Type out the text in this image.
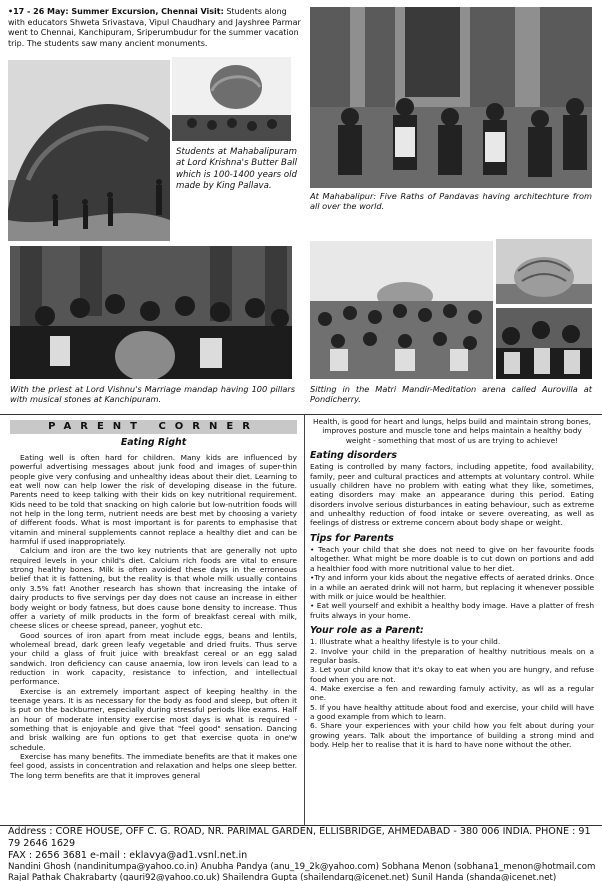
•17 - 26 May: Summer Excursion, Chennai Visit: Students along with educators Shweta Srivastava, Vipul Chaudhary and Jayshree Parmar went to Chennai, Kanchipuram, Sriperumbudur for the summer vacation trip. The students saw many ancient monuments.
Students at Mahabalipuram at Lord Krishna's Butter Ball which is 100-1400 years old made by King Pallava.
At Mahabalipur: Five Raths of Pandavas having architechture from all over the world.
With the priest at Lord Vishnu's Marriage mandap having 100 pillars with musical stones at Kanchipuram.
Sitting in the Matri Mandir-Meditation arena called Aurovilla at Pondicherry.
PARENT CORNER
Eating Right

Eating well is often hard for children. Many kids are influenced by powerful advertising messages about junk food and images of super-thin people give very confusing and unhealthy ideas about their diet. Learning to eat well now can help lower the risk of developing disease in the future. Parents need to keep talking with their kids on key nutritional requirement. Kids need to be told that snacking on high calorie but low-nutrition foods will not help in the long term, nutrient needs are best met by choosing a variety of different foods. What is most important is for parents to emphasise that vitamin and mineral supplements cannot replace a healthy diet and can be harmful if used inappropriately.

Calcium and iron are the two key nutrients that are generally not upto required levels in your child's diet. Calcium rich foods are vital to ensure strong healthy bones. Milk is often avoided these days in the erroneous belief that it is fattening, but the reality is that whole milk usually contains only 3.5% fat! Another research has shown that increasing the intake of dairy products to five servings per day does not cause an increase in either body weight or body fatness, but does cause bone density to increase. Thus offer a variety of milk products in the form of breakfast cereal with milk, cheese slices or cheese spread, paneer, yoghut etc.

Good sources of iron apart from meat include eggs, beans and lentils, wholemeal bread, dark green leafy vegetable and dried fruits. Thus serve your child a glass of fruit juice with breakfast cereal or an egg salad sandwich. Iron deficiency can cause anaemia, low iron levels can lead to a reduction in work capacity, resistance to infection, and intellectual performance.

Exercise is an extremely important aspect of keeping healthy in the teenage years. It is as necessary for the body as food and sleep, but often it is put on the backburner, especially during stressful periods like exams. Half an hour of moderate intensity exercise most days is what is required - something that is enjoyable and give that "feel good" sensation. Dancing and brisk walking are fun options to get that exercise quota in one'w schedule.

Exercise has many benefits. The immediate benefits are that it makes one feel good, assists in concentration and relaxation and helps one sleep better. The long term benefits are that it improves general

Health, is good for heart and lungs, helps build and maintain strong bones, improves posture and muscle tone and helps maintain a healthy body weight - something that most of us are trying to achieve!

Eating disorders

Eating is controlled by many factors, including appetite, food availability, family, peer and cultural practices and attempts at voluntary control. While usually children have no problem with eating what they like, sometimes, eating disorders may make an appearance during this period. Eating disorders involve serious disturbances in eating behaviour, such as extreme and unhealthy reduction of food intake or severe overeating, as well as feelings of distress or extreme concern about body shape or weight.

Tips for Parents

• Teach your child that she does not need to give on her favourite foods altogether. What might be more doable is to cut down on portions and add a healthier food with more nutritional value to her diet.

•Try and inform your kids about the negative effects of aerated drinks. Once in a while an aerated drink will not harm, but replacing it whenever possible with milk or juice would be healthier.

• Eat well yourself and exhibit a healthy body image. Have a platter of fresh fruits always in your home.

Your role as a Parent:

1. Illustrate what a healthy lifestyle is to your child.

2. Involve your child in the preparation of healthy nutritious meals on a regular basis.

3. Let your child know that it's okay to eat when you are hungry, and refuse food when you are not.

4. Make exercise a fen and rewarding famuly activity, as wll as a regular one.

5. If you have healthy attitude about food and exercise, your child will have a good example from which to learn.

6. Share your experiences with your child how you felt about during your growing years. Talk about the importance of building a strong mind and body. Help her to realise that it is hard to have none without the other.

Address : CORE HOUSE, OFF C. G. ROAD, NR. PARIMAL GARDEN, ELLISBRIDGE, AHMEDABAD - 380 006 INDIA. PHONE : 91 79 2646 1629
FAX : 2656 3681 e-mail : eklavya@ad1.vsnl.net.in
Nandini Ghosh (nandinitumpa@yahoo.co.in) Anubha Pandya (anu_19_2k@yahoo.com) Sobhana Menon (sobhana1_menon@hotmail.com
Rajal Pathak Chakrabarty (gauri92@yahoo.co.uk) Shailendra Gupta (shailendarg@icenet.net) Sunil Handa (shanda@icenet.net)
